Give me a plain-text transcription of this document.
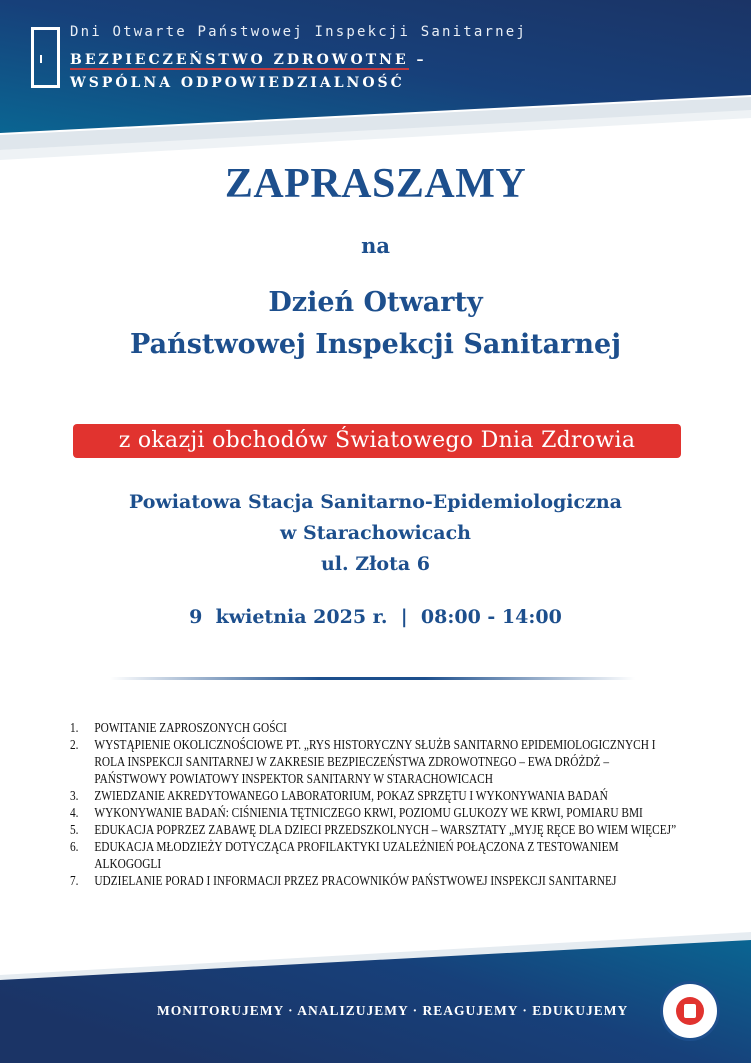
Dni Otwarte Państwowej Inspekcji Sanitarnej
BEZPIECZEŃSTWO ZDROWOTNE –
WSPÓLNA ODPOWIEDZIALNOŚĆ
ZAPRASZAMY
na
Dzień Otwarty
Państwowej Inspekcji Sanitarnej
z okazji obchodów Światowego Dnia Zdrowia
Powiatowa Stacja Sanitarno-Epidemiologiczna
w Starachowicach
ul. Złota 6
9  kwietnia 2025 r.  |  08:00 - 14:00
1.	POWITANIE ZAPROSZONYCH GOŚCI
2.	WYSTĄPIENIE OKOLICZNOŚCIOWE PT. „RYS HISTORYCZNY SŁUŻB SANITARNO EPIDEMIOLOGICZNYCH I ROLA INSPEKCJI SANITARNEJ W ZAKRESIE BEZPIECZEŃSTWA ZDROWOTNEGO – EWA DRÓŻDŻ – PAŃSTWOWY POWIATOWY INSPEKTOR SANITARNY W STARACHOWICACH
3.	ZWIEDZANIE AKREDYTOWANEGO LABORATORIUM, POKAZ SPRZĘTU I WYKONYWANIA BADAŃ
4.	WYKONYWANIE BADAŃ: CIŚNIENIA TĘTNICZEGO KRWI, POZIOMU GLUKOZY WE KRWI, POMIARU BMI
5.	EDUKACJA POPRZEZ ZABAWĘ DLA DZIECI PRZEDSZKOLNYCH – WARSZTATY „MYJĘ RĘCE BO WIEM WIĘCEJ”
6.	EDUKACJA MŁODZIEŻY DOTYCZĄCA PROFILAKTYKI UZALEŻNIEŃ POŁĄCZONA Z TESTOWANIEM ALKOGOGLI
7.	UDZIELANIE PORAD I INFORMACJI PRZEZ PRACOWNIKÓW PAŃSTWOWEJ INSPEKCJI SANITARNEJ
MONITORUJEMY · ANALIZUJEMY · REAGUJEMY · EDUKUJEMY
